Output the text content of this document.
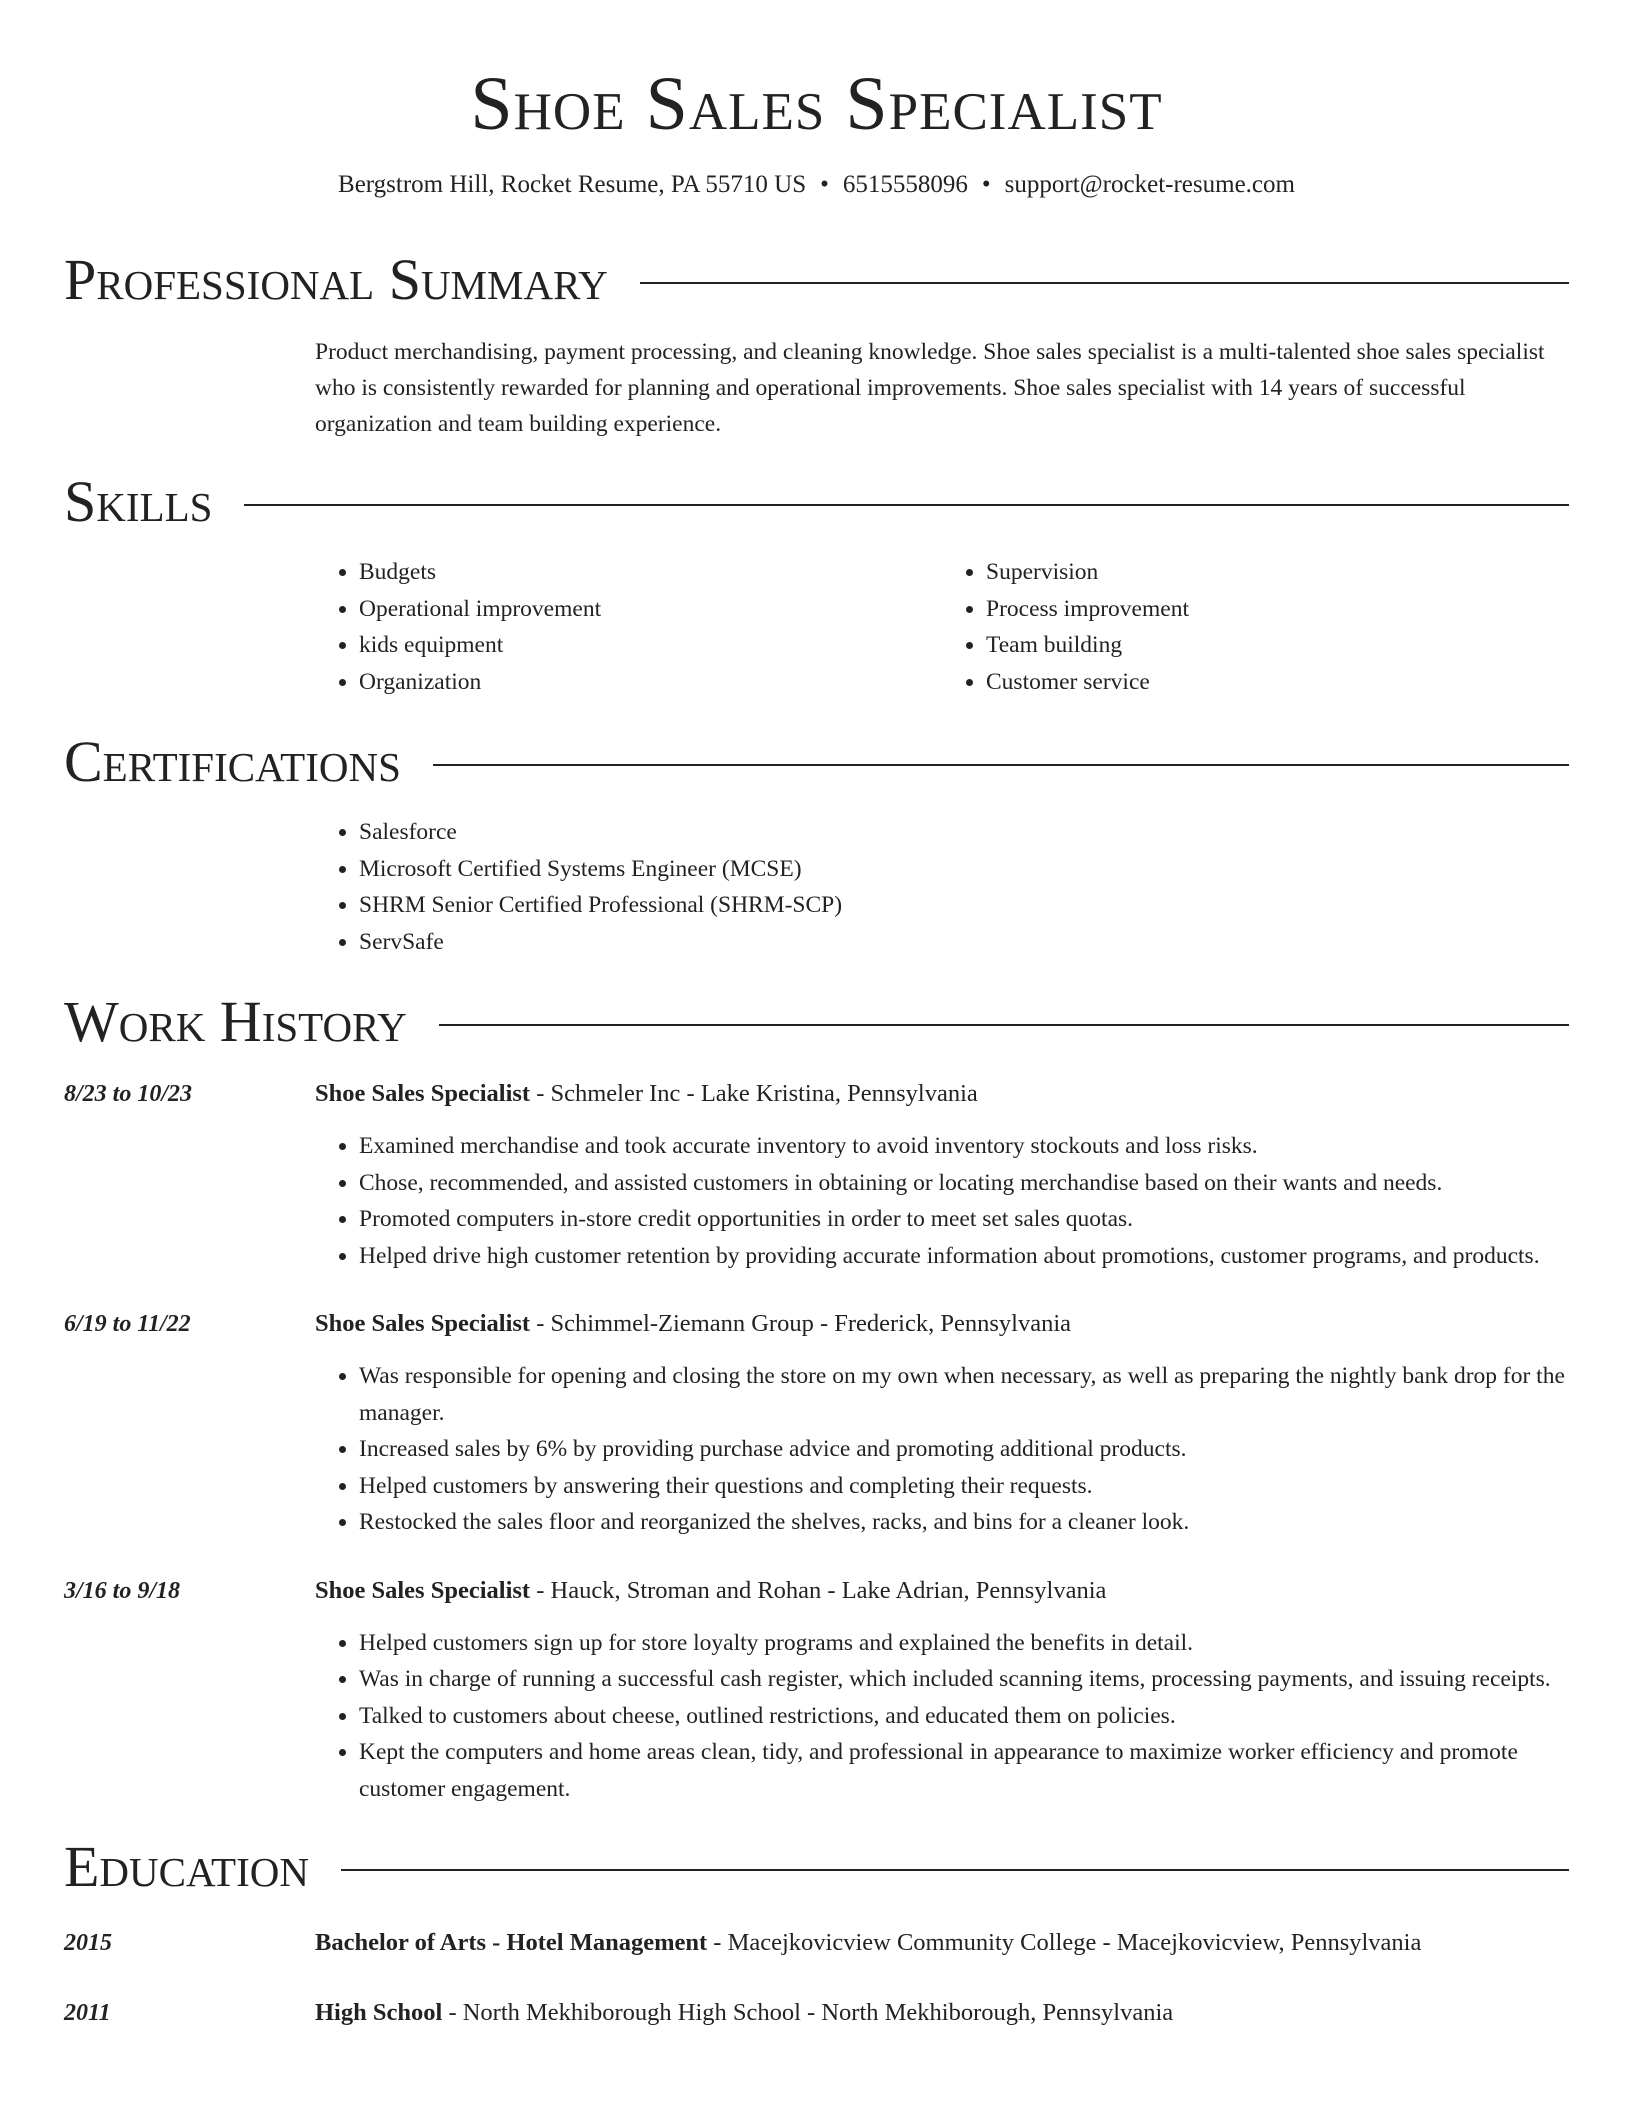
Shoe Sales Specialist
Bergstrom Hill, Rocket Resume, PA 55710 US • 6515558096 • support@rocket-resume.com
Professional Summary
Product merchandising, payment processing, and cleaning knowledge. Shoe sales specialist is a multi-talented shoe sales specialist who is consistently rewarded for planning and operational improvements. Shoe sales specialist with 14 years of successful organization and team building experience.
Skills
• Budgets
• Operational improvement
• kids equipment
• Organization
• Supervision
• Process improvement
• Team building
• Customer service
Certifications
• Salesforce
• Microsoft Certified Systems Engineer (MCSE)
• SHRM Senior Certified Professional (SHRM-SCP)
• ServSafe
Work History
8/23 to 10/23	Shoe Sales Specialist - Schmeler Inc - Lake Kristina, Pennsylvania
• Examined merchandise and took accurate inventory to avoid inventory stockouts and loss risks.
• Chose, recommended, and assisted customers in obtaining or locating merchandise based on their wants and needs.
• Promoted computers in-store credit opportunities in order to meet set sales quotas.
• Helped drive high customer retention by providing accurate information about promotions, customer programs, and products.
6/19 to 11/22	Shoe Sales Specialist - Schimmel-Ziemann Group - Frederick, Pennsylvania
• Was responsible for opening and closing the store on my own when necessary, as well as preparing the nightly bank drop for the manager.
• Increased sales by 6% by providing purchase advice and promoting additional products.
• Helped customers by answering their questions and completing their requests.
• Restocked the sales floor and reorganized the shelves, racks, and bins for a cleaner look.
3/16 to 9/18	Shoe Sales Specialist - Hauck, Stroman and Rohan - Lake Adrian, Pennsylvania
• Helped customers sign up for store loyalty programs and explained the benefits in detail.
• Was in charge of running a successful cash register, which included scanning items, processing payments, and issuing receipts.
• Talked to customers about cheese, outlined restrictions, and educated them on policies.
• Kept the computers and home areas clean, tidy, and professional in appearance to maximize worker efficiency and promote customer engagement.
Education
2015	Bachelor of Arts - Hotel Management - Macejkovicview Community College - Macejkovicview, Pennsylvania
2011	High School - North Mekhiborough High School - North Mekhiborough, Pennsylvania
